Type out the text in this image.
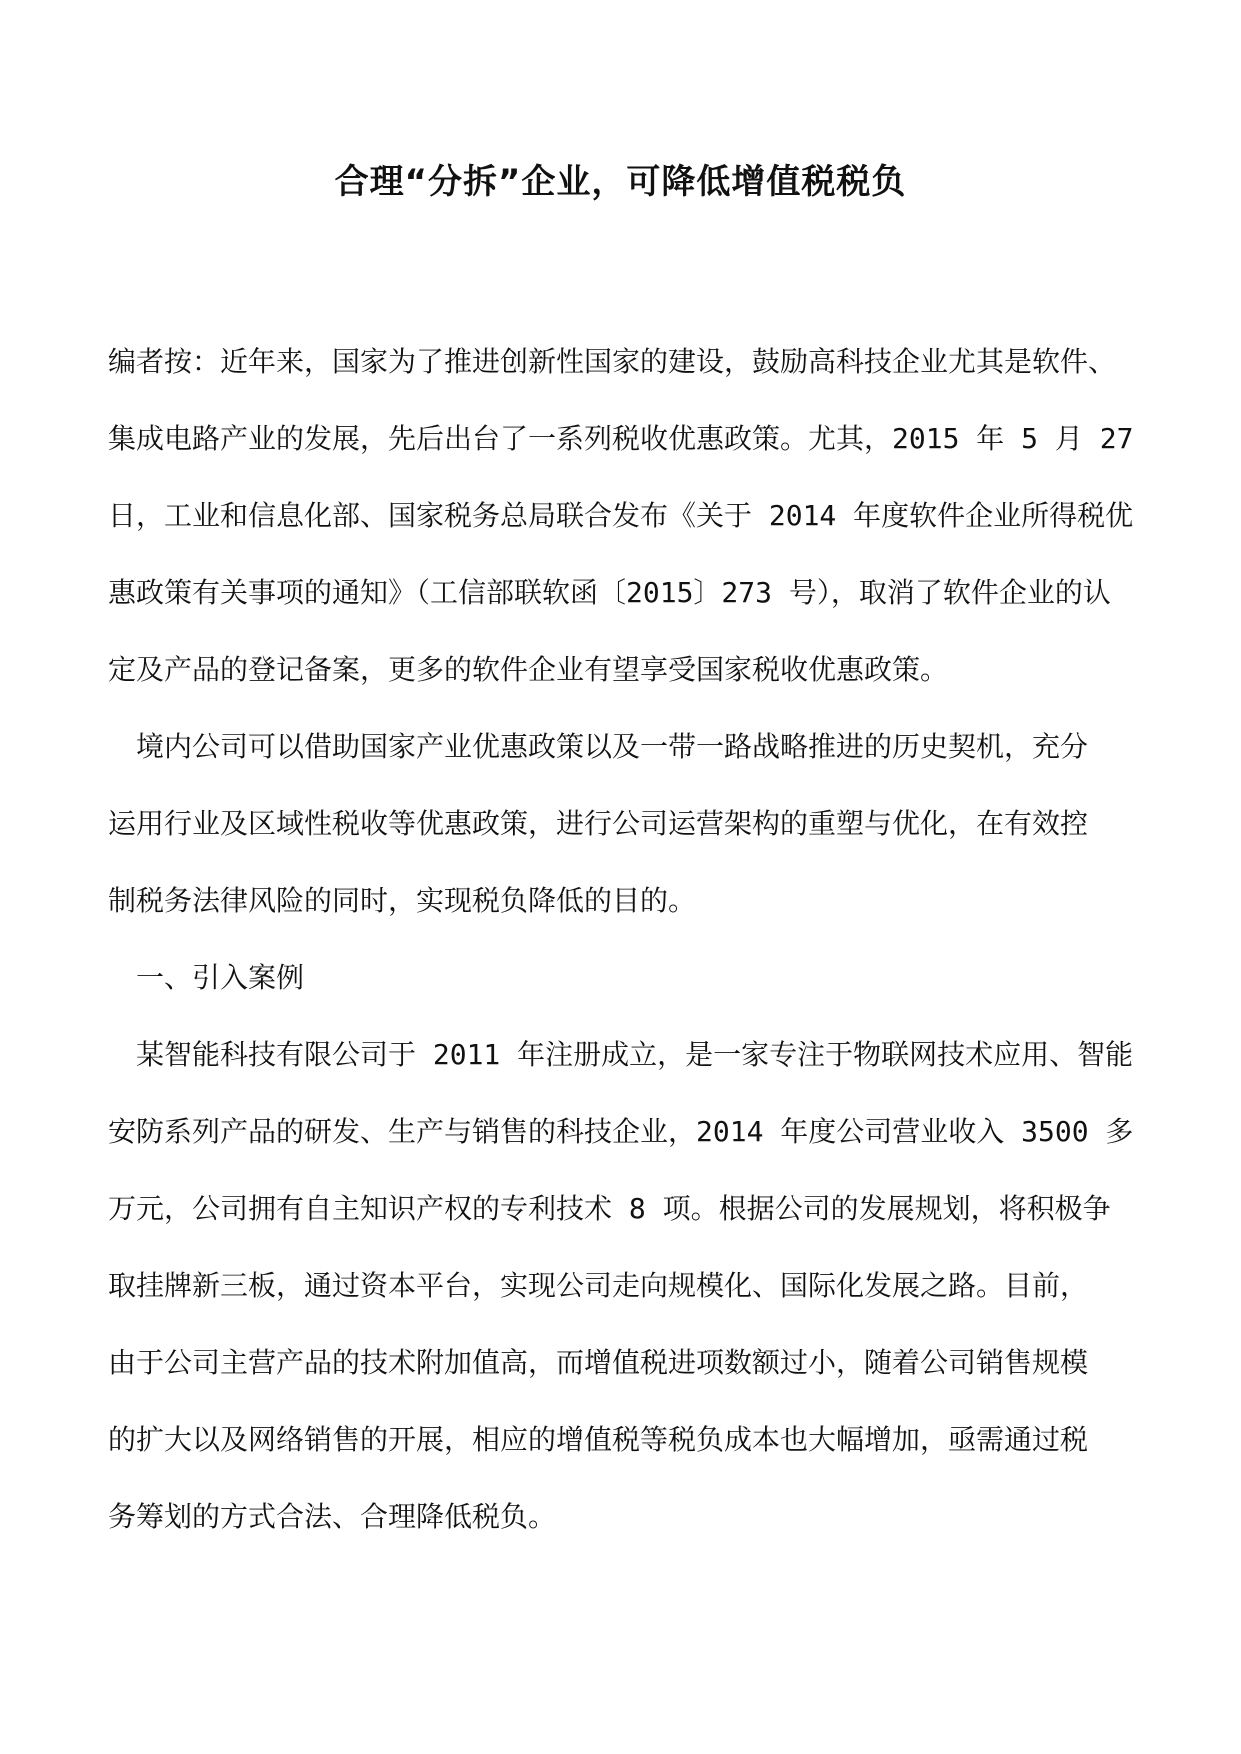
合理“分拆”企业，可降低增值税税负

编者按：近年来，国家为了推进创新性国家的建设，鼓励高科技企业尤其是软件、
集成电路产业的发展，先后出台了一系列税收优惠政策。尤其，2015 年 5 月 27
日，工业和信息化部、国家税务总局联合发布《关于 2014 年度软件企业所得税优
惠政策有关事项的通知》（工信部联软函〔2015〕273 号），取消了软件企业的认
定及产品的登记备案，更多的软件企业有望享受国家税收优惠政策。

　境内公司可以借助国家产业优惠政策以及一带一路战略推进的历史契机，充分
运用行业及区域性税收等优惠政策，进行公司运营架构的重塑与优化，在有效控
制税务法律风险的同时，实现税负降低的目的。

　一、引入案例

　某智能科技有限公司于 2011 年注册成立，是一家专注于物联网技术应用、智能
安防系列产品的研发、生产与销售的科技企业，2014 年度公司营业收入 3500 多
万元，公司拥有自主知识产权的专利技术 8 项。根据公司的发展规划，将积极争
取挂牌新三板，通过资本平台，实现公司走向规模化、国际化发展之路。目前，
由于公司主营产品的技术附加值高，而增值税进项数额过小，随着公司销售规模
的扩大以及网络销售的开展，相应的增值税等税负成本也大幅增加，亟需通过税
务筹划的方式合法、合理降低税负。
